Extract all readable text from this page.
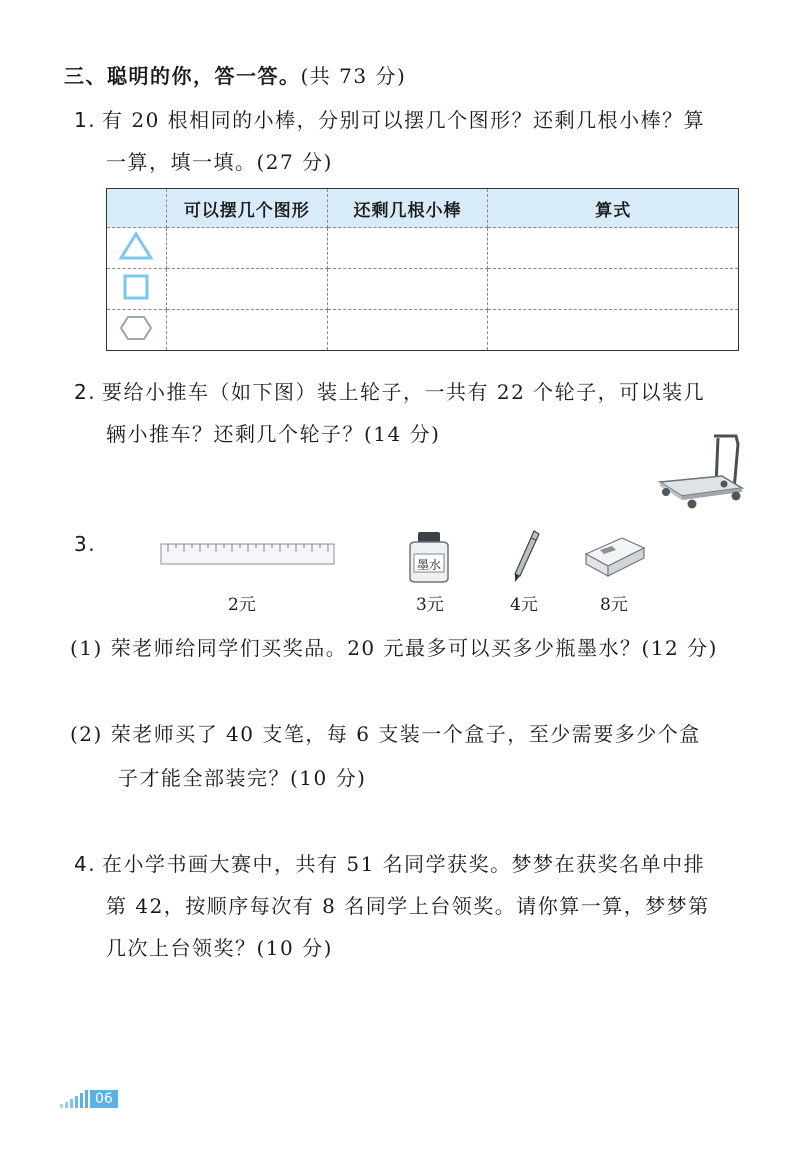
三、聪明的你，答一答。(共 73 分)
1. 有 20 根相同的小棒，分别可以摆几个图形？还剩几根小棒？算
一算，填一填。(27 分)
	可以摆几个图形	还剩几根小棒	算式

2. 要给小推车（如下图）装上轮子，一共有 22 个轮子，可以装几
辆小推车？还剩几个轮子？(14 分)
3.
2元
墨水
3元	4元	8元
(1) 荣老师给同学们买奖品。20 元最多可以买多少瓶墨水？(12 分)
(2) 荣老师买了 40 支笔，每 6 支装一个盒子，至少需要多少个盒
子才能全部装完？(10 分)
4. 在小学书画大赛中，共有 51 名同学获奖。梦梦在获奖名单中排
第 42，按顺序每次有 8 名同学上台领奖。请你算一算，梦梦第
几次上台领奖？(10 分)
06
